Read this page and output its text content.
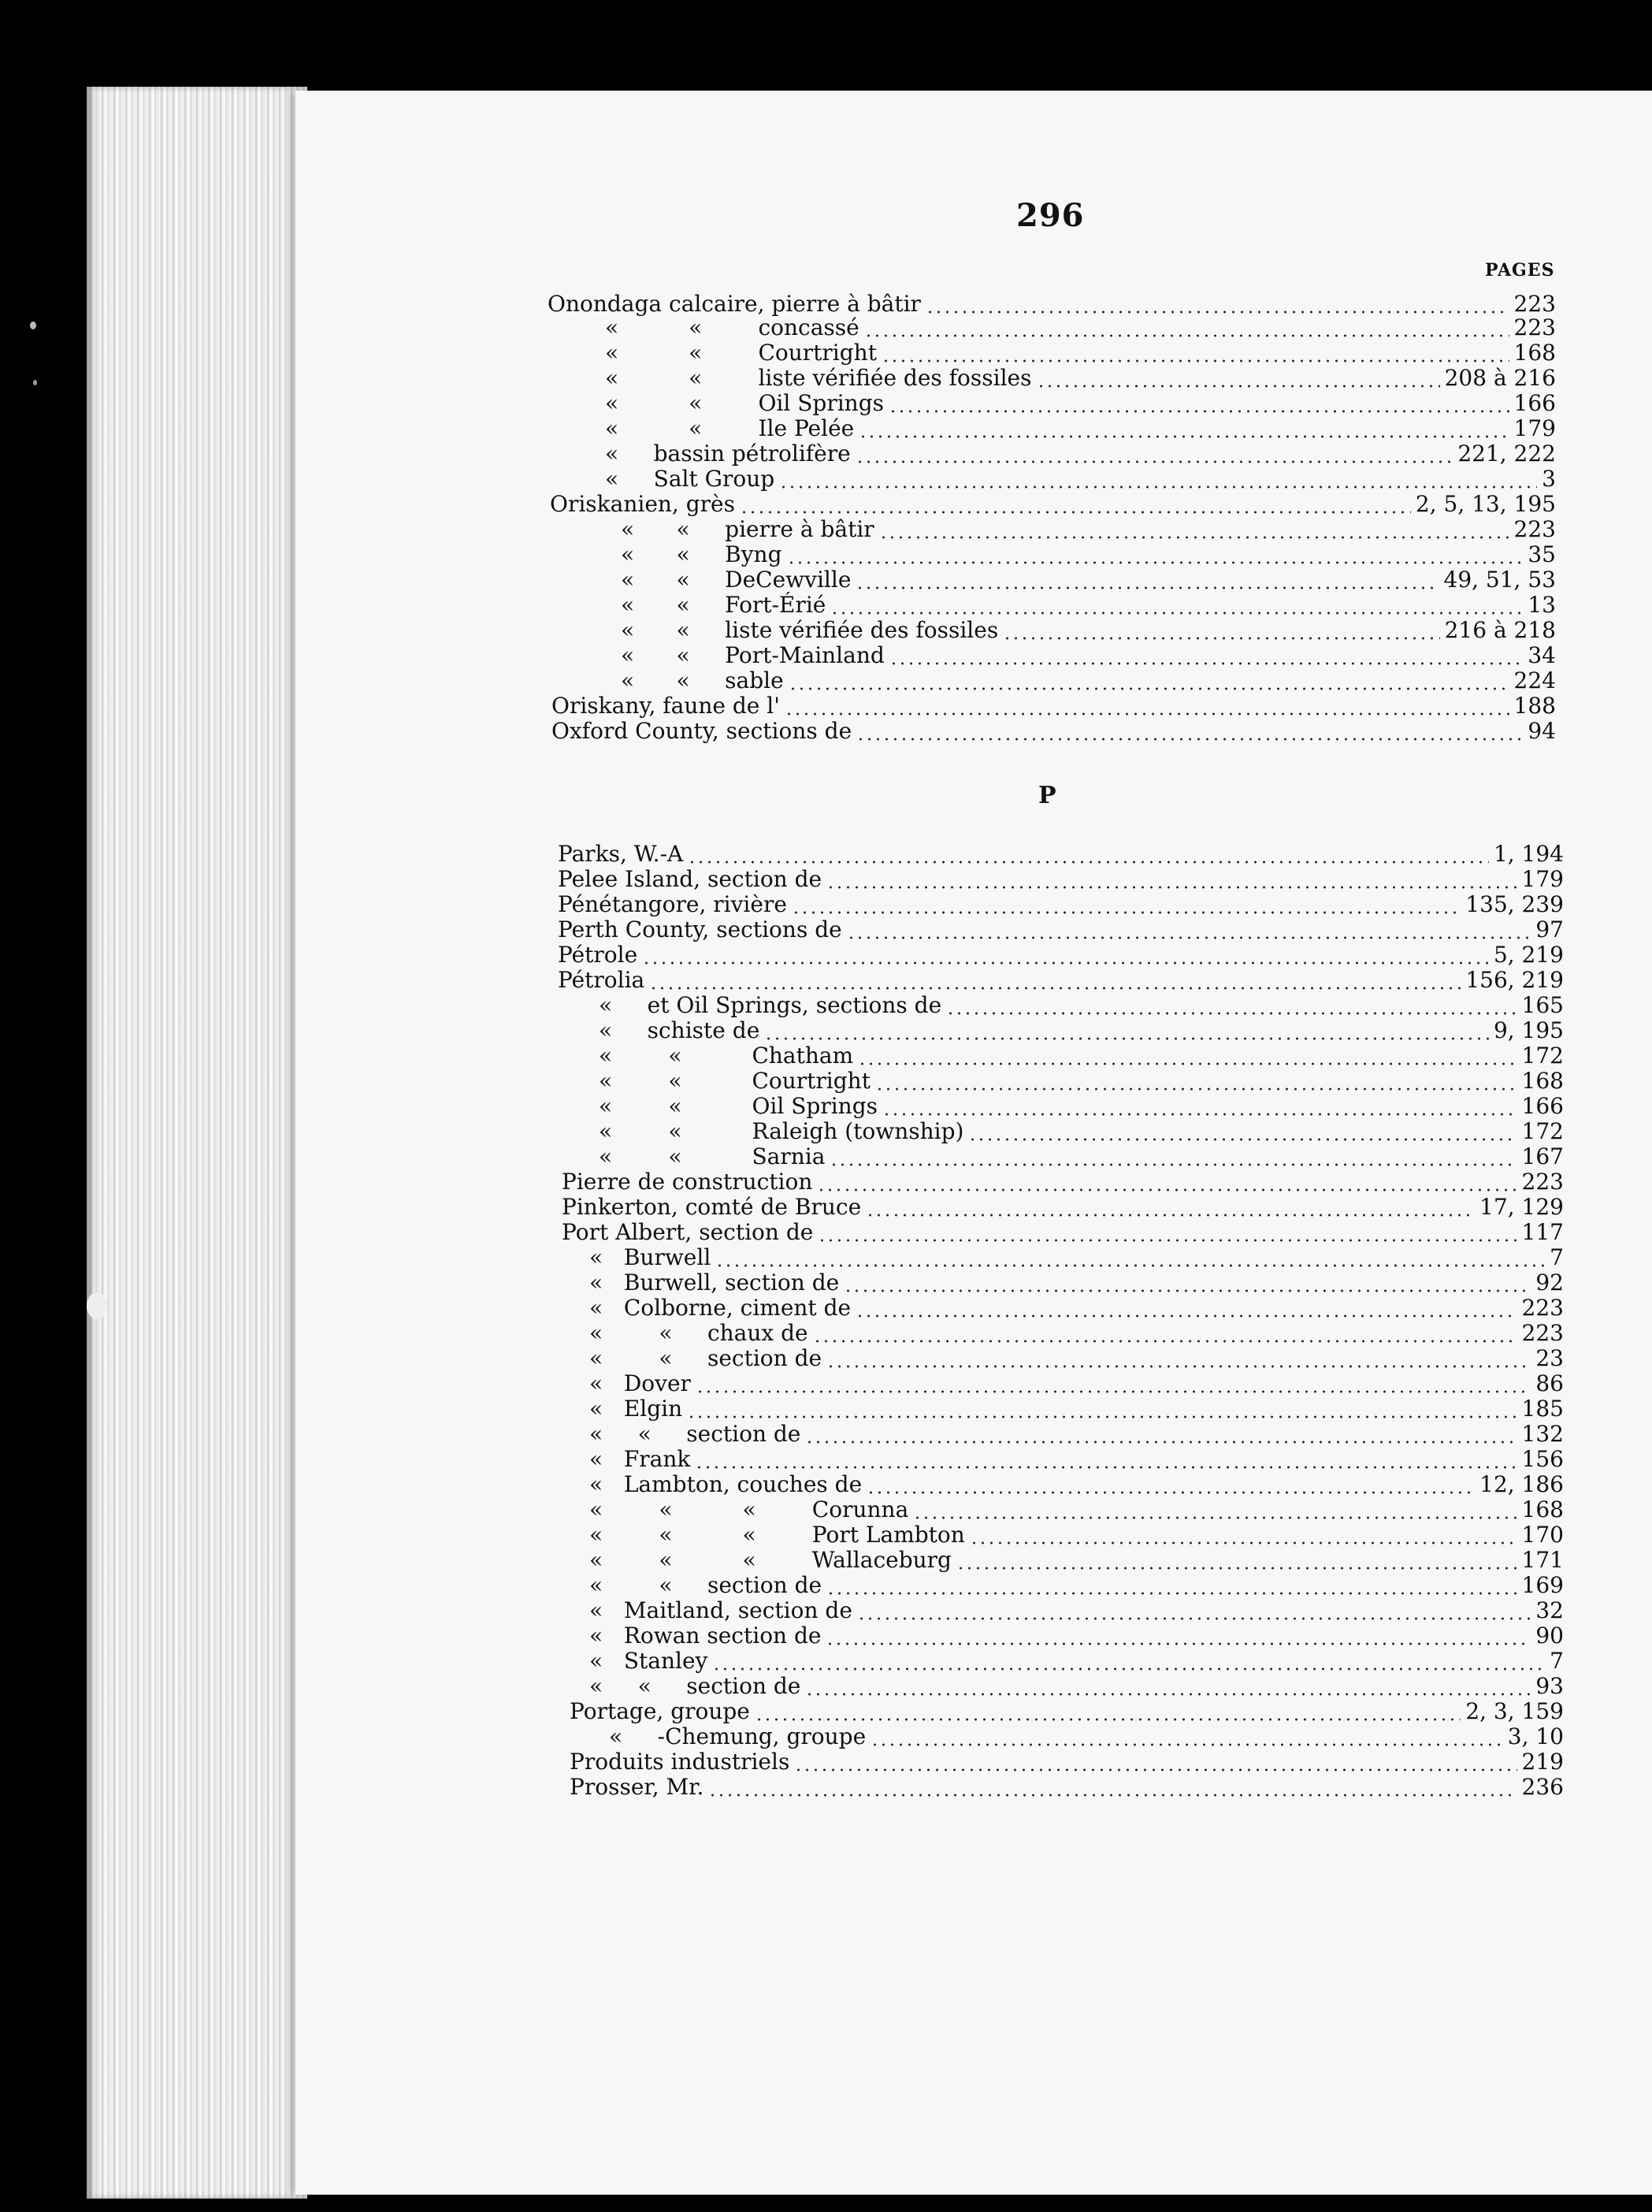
296
PAGES
P
Onondaga calcaire, pierre à bâtir	223
«          «        concassé	223
«          «        Courtright	168
«          «        liste vérifiée des fossiles	208 à 216
«          «        Oil Springs	166
«          «        Ile Pelée	179
«     bassin pétrolifère	221, 222
«     Salt Group	3
Oriskanien, grès	2, 5, 13, 195
«      «     pierre à bâtir	223
«      «     Byng	35
«      «     DeCewville	49, 51, 53
«      «     Fort-Érié	13
«      «     liste vérifiée des fossiles	216 à 218
«      «     Port-Mainland	34
«      «     sable	224
Oriskany, faune de l'	188
Oxford County, sections de	94
Parks, W.-A	1, 194
Pelee Island, section de	179
Pénétangore, rivière	135, 239
Perth County, sections de	97
Pétrole	5, 219
Pétrolia	156, 219
«     et Oil Springs, sections de	165
«     schiste de	9, 195
«        «          Chatham	172
«        «          Courtright	168
«        «          Oil Springs	166
«        «          Raleigh (township)	172
«        «          Sarnia	167
Pierre de construction	223
Pinkerton, comté de Bruce	17, 129
Port Albert, section de	117
«   Burwell	7
«   Burwell, section de	92
«   Colborne, ciment de	223
«        «     chaux de	223
«        «     section de	23
«   Dover	86
«   Elgin	185
«     «     section de	132
«   Frank	156
«   Lambton, couches de	12, 186
«        «          «        Corunna	168
«        «          «        Port Lambton	170
«        «          «        Wallaceburg	171
«        «     section de	169
«   Maitland, section de	32
«   Rowan section de	90
«   Stanley	7
«     «     section de	93
Portage, groupe	2, 3, 159
«     -Chemung, groupe	3, 10
Produits industriels	219
Prosser, Mr.	236
